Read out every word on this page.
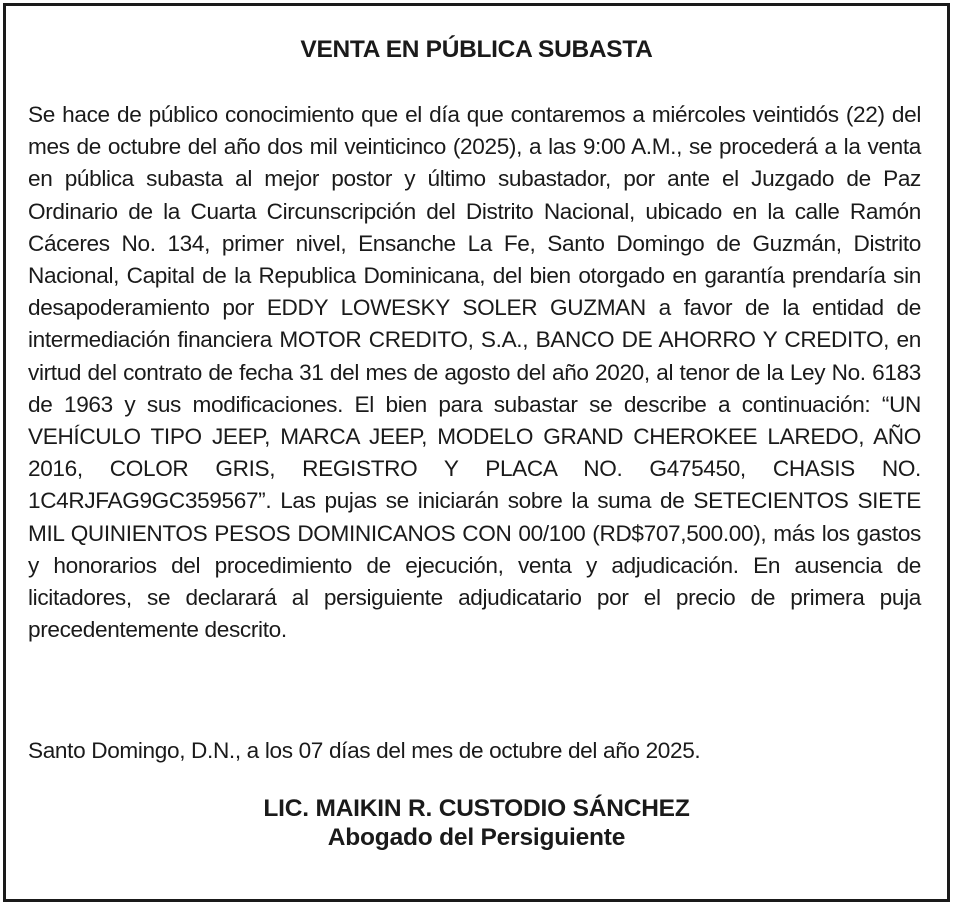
VENTA EN PÚBLICA SUBASTA

Se hace de público conocimiento que el día que contaremos a miércoles veintidós (22) del mes de octubre del año dos mil veinticinco (2025), a las 9:00 A.M., se procederá a la venta en pública subasta al mejor postor y último subastador, por ante el Juzgado de Paz Ordinario de la Cuarta Circunscripción del Distrito Nacional, ubicado en la calle Ramón Cáceres No. 134, primer nivel, Ensanche La Fe, Santo Domingo de Guzmán, Distrito Nacional, Capital de la Republica Dominicana, del bien otorgado en garantía prendaría sin desapoderamiento por EDDY LOWESKY SOLER GUZMAN a favor de la entidad de intermediación financiera MOTOR CREDITO, S.A., BANCO DE AHORRO Y CREDITO, en virtud del contrato de fecha 31 del mes de agosto del año 2020, al tenor de la Ley No. 6183 de 1963 y sus modificaciones. El bien para subastar se describe a continuación: “UN VEHÍCULO TIPO JEEP, MARCA JEEP, MODELO GRAND CHEROKEE LAREDO, AÑO 2016, COLOR GRIS, REGISTRO Y PLACA NO. G475450, CHASIS NO. 1C4RJFAG9GC359567”. Las pujas se iniciarán sobre la suma de SETECIENTOS SIETE MIL QUINIENTOS PESOS DOMINICANOS CON 00/100 (RD$707,500.00), más los gastos y honorarios del procedimiento de ejecución, venta y adjudicación. En ausencia de licitadores, se declarará al persiguiente adjudicatario por el precio de primera puja precedentemente descrito.

Santo Domingo, D.N., a los 07 días del mes de octubre del año 2025.

LIC. MAIKIN R. CUSTODIO SÁNCHEZ
Abogado del Persiguiente
